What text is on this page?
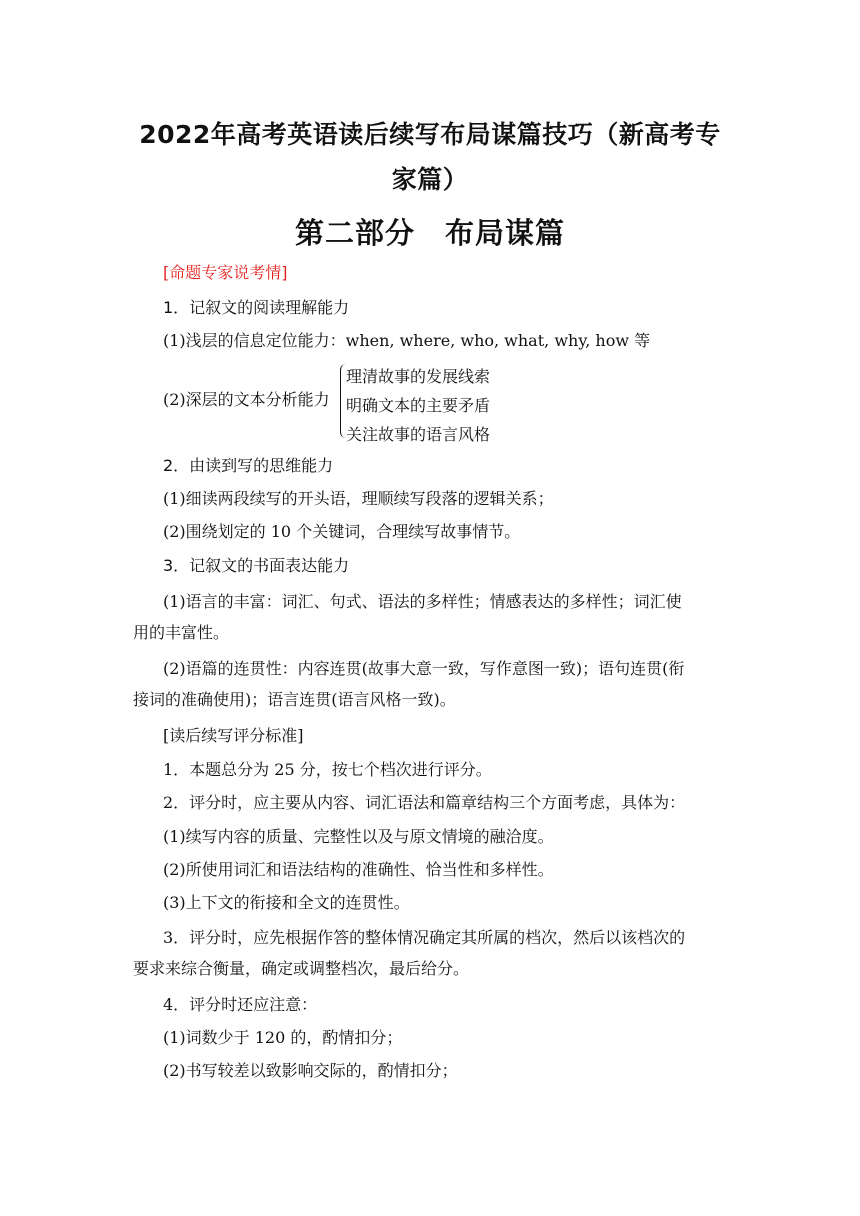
2022年高考英语读后续写布局谋篇技巧（新高考专
家篇）
第二部分　布局谋篇
[命题专家说考情]
1．记叙文的阅读理解能力
(1)浅层的信息定位能力：when, where, who, what, why, how 等
(2)深层的文本分析能力
理清故事的发展线索
明确文本的主要矛盾
关注故事的语言风格
2．由读到写的思维能力
(1)细读两段续写的开头语，理顺续写段落的逻辑关系；
(2)围绕划定的 10 个关键词，合理续写故事情节。
3．记叙文的书面表达能力
(1)语言的丰富：词汇、句式、语法的多样性；情感表达的多样性；词汇使
用的丰富性。
(2)语篇的连贯性：内容连贯(故事大意一致，写作意图一致)；语句连贯(衔
接词的准确使用)；语言连贯(语言风格一致)。
[读后续写评分标准]
1．本题总分为 25 分，按七个档次进行评分。
2．评分时，应主要从内容、词汇语法和篇章结构三个方面考虑，具体为：
(1)续写内容的质量、完整性以及与原文情境的融洽度。
(2)所使用词汇和语法结构的准确性、恰当性和多样性。
(3)上下文的衔接和全文的连贯性。
3．评分时，应先根据作答的整体情况确定其所属的档次，然后以该档次的
要求来综合衡量，确定或调整档次，最后给分。
4．评分时还应注意：
(1)词数少于 120 的，酌情扣分；
(2)书写较差以致影响交际的，酌情扣分；
